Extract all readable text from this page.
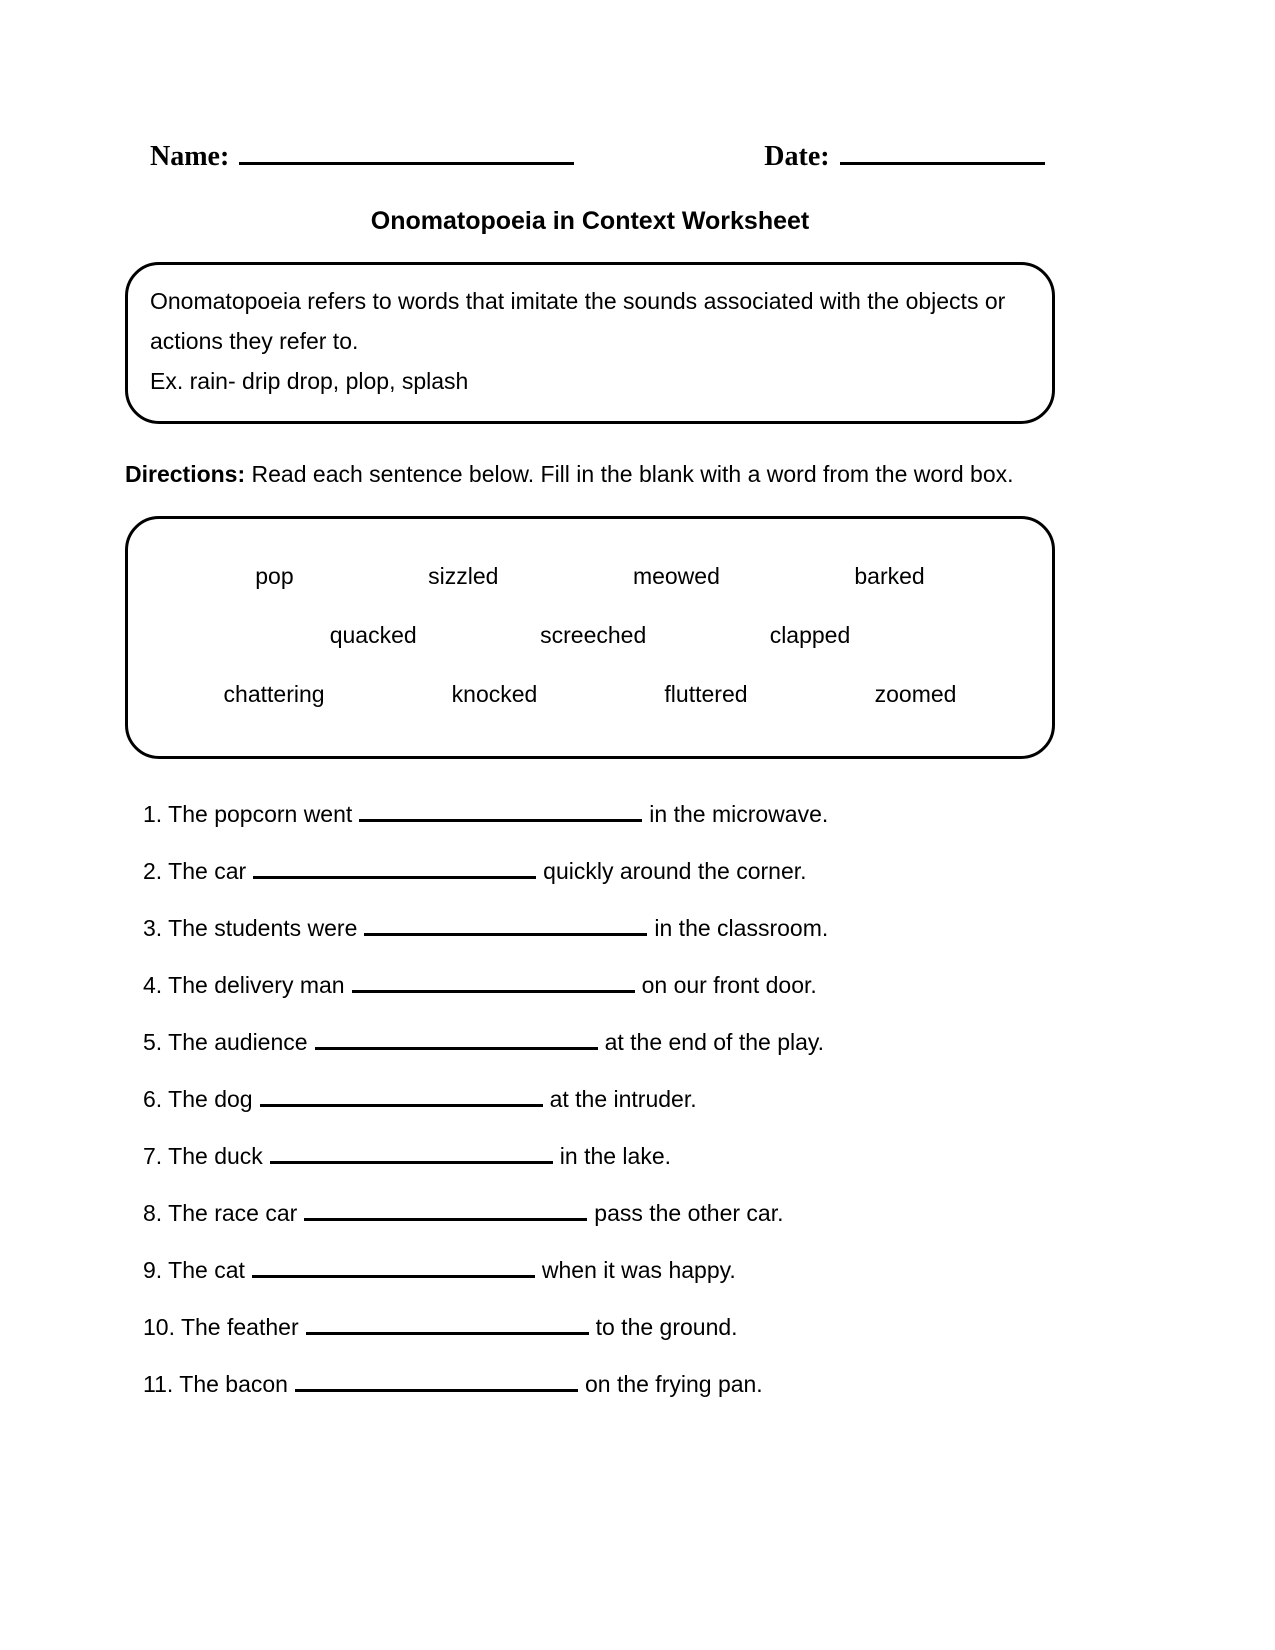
Name:	Date:
Onomatopoeia in Context Worksheet
Onomatopoeia refers to words that imitate the sounds associated with the objects or actions they refer to.
Ex. rain- drip drop, plop, splash
Directions: Read each sentence below. Fill in the blank with a word from the word box.
pop	sizzled	meowed	barked
quacked	screeched	clapped
chattering	knocked	fluttered	zoomed
1. The popcorn went	in the microwave.
2. The car	quickly around the corner.
3. The students were	in the classroom.
4. The delivery man	on our front door.
5. The audience	at the end of the play.
6. The dog	at the intruder.
7. The duck	in the lake.
8. The race car	pass the other car.
9. The cat	when it was happy.
10. The feather	to the ground.
11. The bacon	on the frying pan.
